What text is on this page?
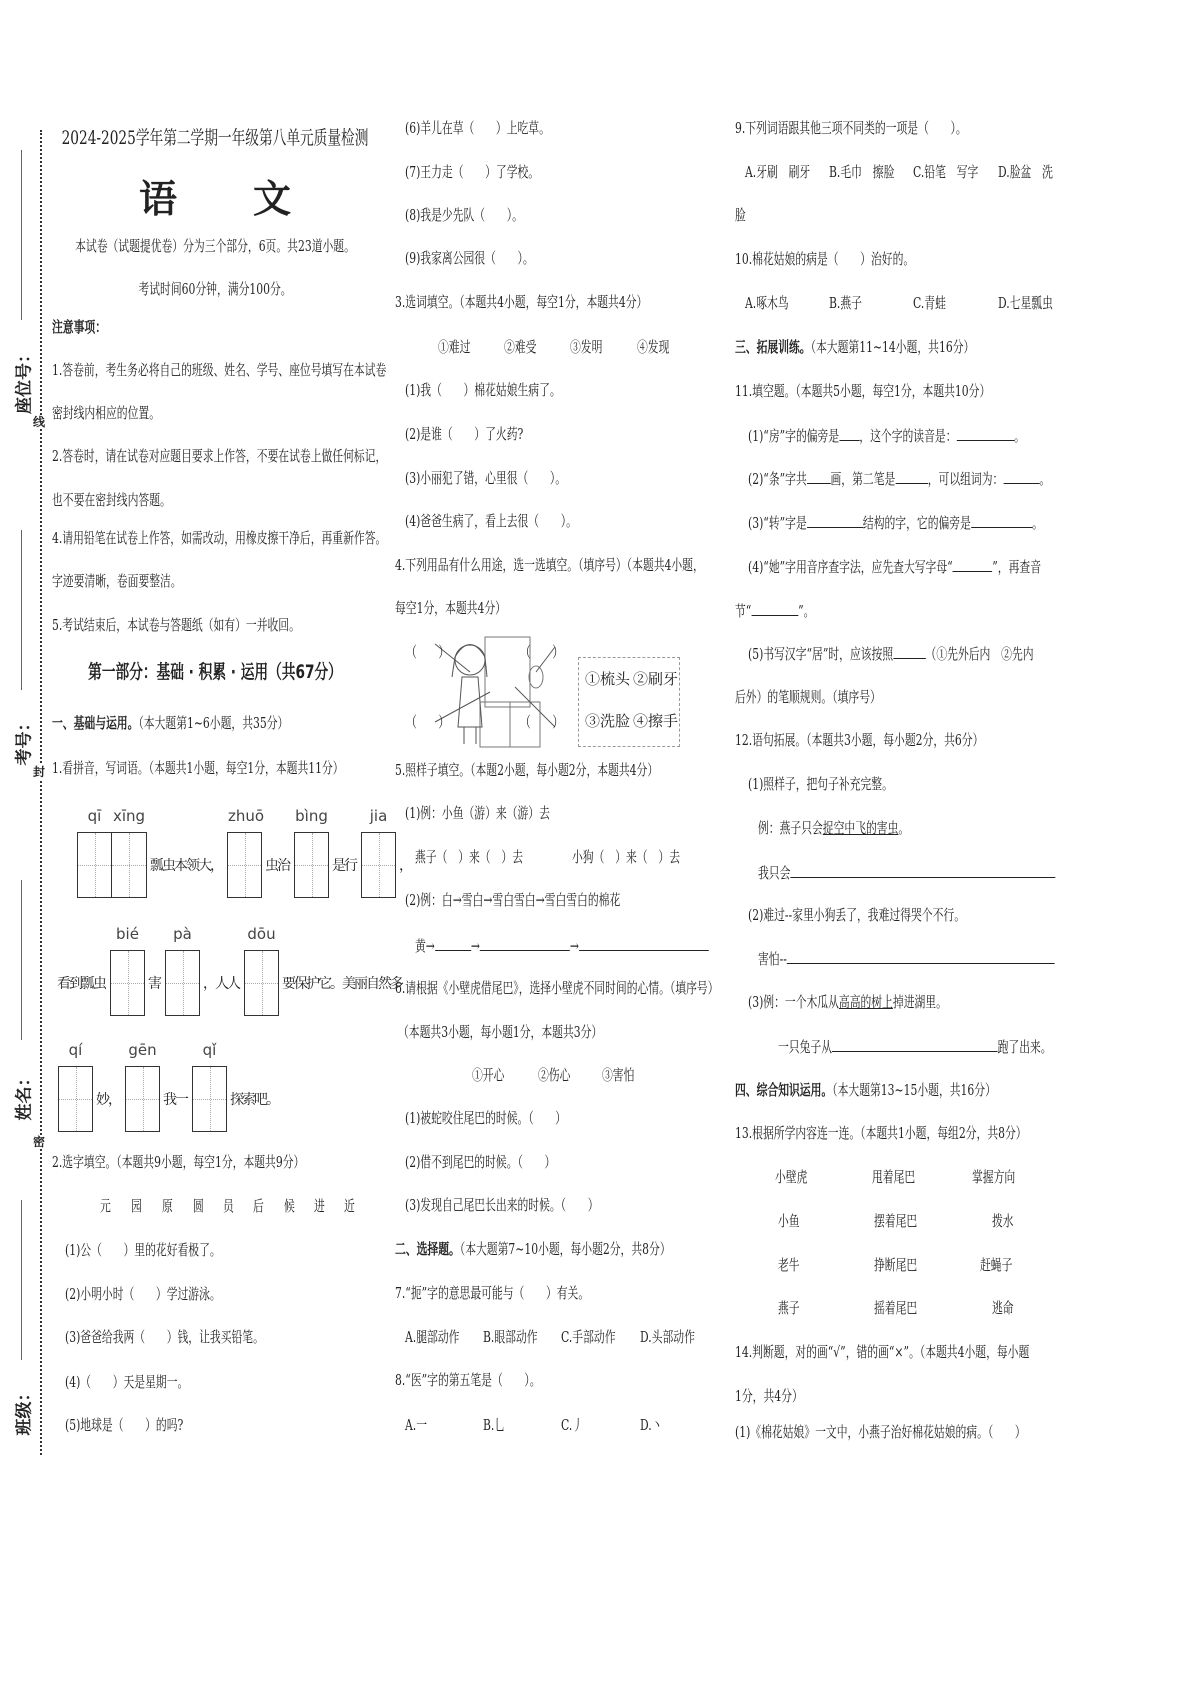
座位号：
考号：
姓名：
班级：
线
封
密
2024-2025学年第二学期一年级第八单元质量检测
语　　文
本试卷（试题提优卷）分为三个部分，6页。共23道小题。
考试时间60分钟，满分100分。
注意事项：
1.答卷前，考生务必将自己的班级、姓名、学号、座位号填写在本试卷
密封线内相应的位置。
2.答卷时，请在试卷对应题目要求上作答，不要在试卷上做任何标记，
也不要在密封线内答题。
4.请用铅笔在试卷上作答，如需改动，用橡皮擦干净后，再重新作答。
字迹要清晰，卷面要整洁。
5.考试结束后，本试卷与答题纸（如有）一并收回。
第一部分：基础 · 积累 · 运用（共67分）
一、基础与运用。（本大题第1~6小题，共35分）
1.看拼音，写词语。（本题共1小题，每空1分，本题共11分）
qī xīng
瓢虫本领大，
zhuō
虫治
bìng
是行
jia
，
看到瓢虫
bié
害
pà
，人人
dōu
要保护它。美丽自然多
qí
妙，
gēn
我一
qǐ
探索吧。
2.选字填空。（本题共9小题，每空1分，本题共9分）
元 园 原 圆 员 后 候 进 近
(1)公（　　）里的花好看极了。
(2)小明小时（　　）学过游泳。
(3)爸爸给我两（　　）钱，让我买铅笔。
(4)（　　）天是星期一。
(5)地球是（　　）的吗?
(6)羊儿在草（　　）上吃草。
(7)王力走（　　）了学校。
(8)我是少先队（　　）。
(9)我家离公园很（　　）。
3.选词填空。（本题共4小题，每空1分，本题共4分）
①难过 ②难受 ③发明 ④发现
(1)我（　　）棉花姑娘生病了。
(2)是谁（　　）了火药?
(3)小丽犯了错，心里很（　　）。
(4)爸爸生病了，看上去很（　　）。
4.下列用品有什么用途，选一选填空。（填序号）（本题共4小题，
每空1分，本题共4分）
（　　）	（　　）
（　　）	（　　）
①梳头 ②刷牙
③洗脸 ④擦手
5.照样子填空。（本题2小题，每小题2分，本题共4分）
(1)例：小鱼（游）来（游）去
燕子（　）来（　）去	小狗（　）来（　）去
(2)例：白→雪白→雪白雪白→雪白雪白的棉花
黄→ →	→
6.请根据《小壁虎借尾巴》，选择小壁虎不同时间的心情。（填序号）
（本题共3小题，每小题1分，本题共3分）
①开心 ②伤心 ③害怕
(1)被蛇咬住尾巴的时候。（　　）
(2)借不到尾巴的时候。（　　）
(3)发现自己尾巴长出来的时候。（　　）
二、选择题。（本大题第7~10小题，每小题2分，共8分）
7.“扼”字的意思最可能与（　　）有关。
A.腿部动作 B.眼部动作 C.手部动作 D.头部动作
8.“医”字的第五笔是（　　）。
A.一	B.乚	C.丿	D.丶
9.下列词语跟其他三项不同类的一项是（　　）。
A.牙刷　刷牙 B.毛巾　擦脸 C.铅笔　写字 D.脸盆　洗
脸
10.棉花姑娘的病是（　　）治好的。
A.啄木鸟	B.燕子	C.青蛙	D.七星瓢虫
三、拓展训练。（本大题第11~14小题，共16分）
11.填空题。（本题共5小题，每空1分，本题共10分）
(1)“房”字的偏旁是 ，这个字的读音是：	。
(2)“条”字共 画，第二笔是 ，可以组词为： 。
(3)“转”字是	结构的字，它的偏旁是	。
(4)“她”字用音序查字法，应先查大写字母“	”，再查音
节“	”。
(5)书写汉字“居”时，应该按照 （①先外后内　②先内
后外）的笔顺规则。（填序号）
12.语句拓展。（本题共3小题，每小题2分，共6分）
(1)照样子，把句子补充完整。
例：燕子只会捉空中飞的害虫。
我只会
(2)难过--家里小狗丢了，我难过得哭个不行。
害怕--
(3)例：一个木瓜从高高的树上掉进湖里。
一只兔子从	跑了出来。
四、综合知识运用。（本大题第13~15小题，共16分）
13.根据所学内容连一连。（本题共1小题，每组2分，共8分）
小壁虎	甩着尾巴	掌握方向
小鱼	摆着尾巴	拨水
老牛	挣断尾巴	赶蝇子
燕子	摇着尾巴	逃命
14.判断题，对的画“√”，错的画“×”。（本题共4小题，每小题
1分，共4分）
(1)《棉花姑娘》一文中，小燕子治好棉花姑娘的病。（　　）
